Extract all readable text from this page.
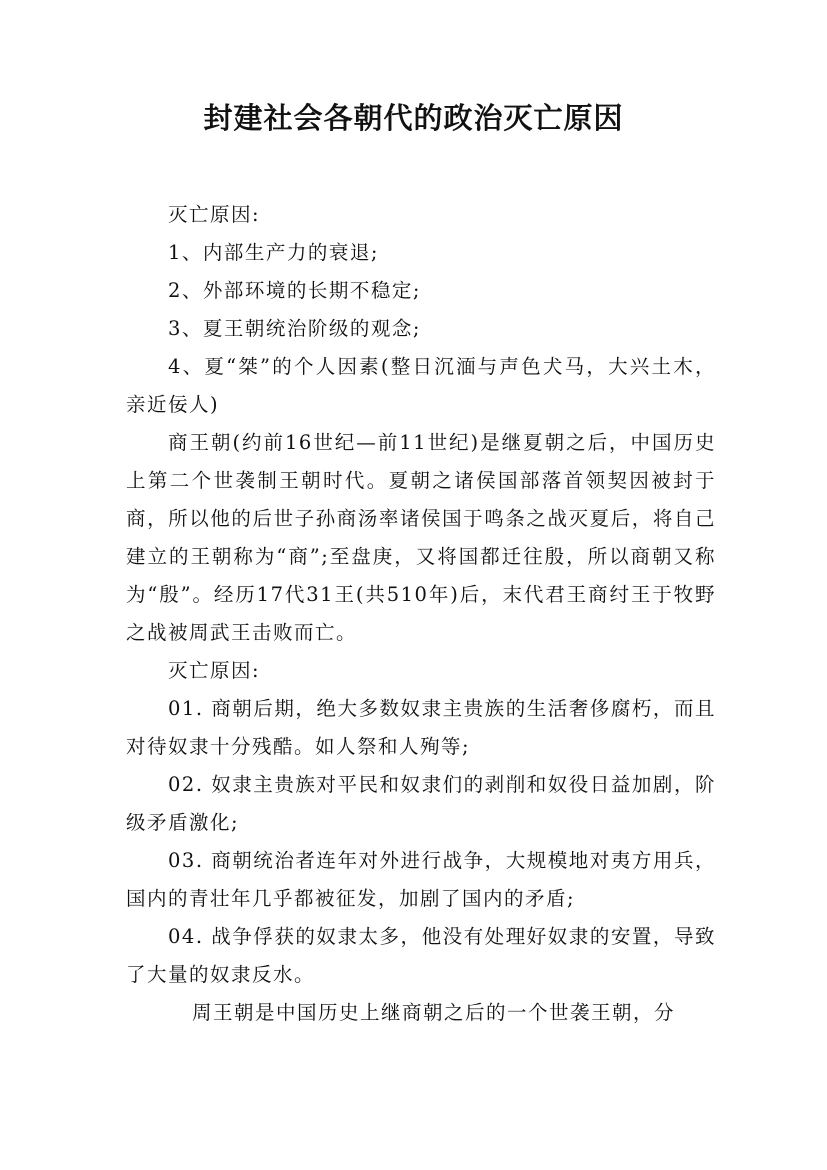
封建社会各朝代的政治灭亡原因

灭亡原因:

1、内部生产力的衰退;

2、外部环境的长期不稳定;

3、夏王朝统治阶级的观念;

4、夏“桀”的个人因素(整日沉湎与声色犬马，大兴土木，亲近佞人)

商王朝(约前16世纪—前11世纪)是继夏朝之后，中国历史上第二个世袭制王朝时代。夏朝之诸侯国部落首领契因被封于商，所以他的后世子孙商汤率诸侯国于鸣条之战灭夏后，将自己建立的王朝称为“商”;至盘庚，又将国都迁往殷，所以商朝又称为“殷”。经历17代31王(共510年)后，末代君王商纣王于牧野之战被周武王击败而亡。

灭亡原因:

01. 商朝后期，绝大多数奴隶主贵族的生活奢侈腐朽，而且对待奴隶十分残酷。如人祭和人殉等;

02. 奴隶主贵族对平民和奴隶们的剥削和奴役日益加剧，阶级矛盾激化;

03. 商朝统治者连年对外进行战争，大规模地对夷方用兵，国内的青壮年几乎都被征发，加剧了国内的矛盾;

04. 战争俘获的奴隶太多，他没有处理好奴隶的安置，导致了大量的奴隶反水。

周王朝是中国历史上继商朝之后的一个世袭王朝，分
